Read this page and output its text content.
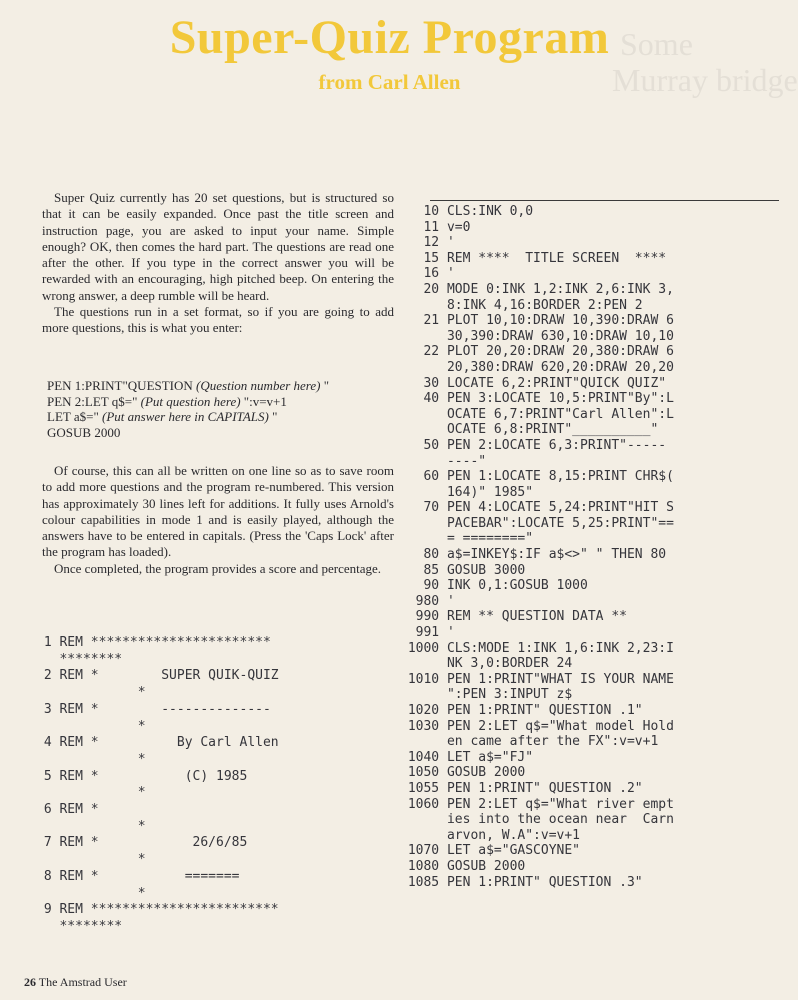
Some
Murray bridge
Super-Quiz Program
from Carl Allen

Super Quiz currently has 20 set questions, but is structured so that it can be easily expanded. Once past the title screen and instruction page, you are asked to input your name. Simple enough? OK, then comes the hard part. The questions are read one after the other. If you type in the correct answer you will be rewarded with an encouraging, high pitched beep. On entering the wrong answer, a deep rumble will be heard.

The questions run in a set format, so if you are going to add more questions, this is what you enter:

PEN 1:PRINT"QUESTION (Question number here) "
PEN 2:LET q$=" (Put question here) ":v=v+1
LET a$=" (Put answer here in CAPITALS) "
GOSUB 2000

Of course, this can all be written on one line so as to save room to add more questions and the program re-numbered. This version has approximately 30 lines left for additions. It fully uses Arnold's colour capabilities in mode 1 and is easily played, although the answers have to be entered in capitals. (Press the 'Caps Lock' after the program has loaded).

Once completed, the program provides a score and percentage.

1 REM ***********************
********
2 REM *        SUPER QUIK-QUIZ
*
3 REM *        --------------
*
4 REM *          By Carl Allen
*
5 REM *           (C) 1985
*
6 REM *
*
7 REM *            26/6/85
*
8 REM *           =======
*
9 REM ************************
********
10 CLS:INK 0,0
11 v=0
12 '
15 REM ****  TITLE SCREEN  ****
16 '
20 MODE 0:INK 1,2:INK 2,6:INK 3,
8:INK 4,16:BORDER 2:PEN 2
21 PLOT 10,10:DRAW 10,390:DRAW 6
30,390:DRAW 630,10:DRAW 10,10
22 PLOT 20,20:DRAW 20,380:DRAW 6
20,380:DRAW 620,20:DRAW 20,20
30 LOCATE 6,2:PRINT"QUICK QUIZ"
40 PEN 3:LOCATE 10,5:PRINT"By":L
OCATE 6,7:PRINT"Carl Allen":L
OCATE 6,8:PRINT"__________"
50 PEN 2:LOCATE 6,3:PRINT"-----
----"
60 PEN 1:LOCATE 8,15:PRINT CHR$(
164)" 1985"
70 PEN 4:LOCATE 5,24:PRINT"HIT S
PACEBAR":LOCATE 5,25:PRINT"==
= ========"
80 a$=INKEY$:IF a$<>" " THEN 80
85 GOSUB 3000
90 INK 0,1:GOSUB 1000
980 '
990 REM ** QUESTION DATA **
991 '
1000 CLS:MODE 1:INK 1,6:INK 2,23:I
NK 3,0:BORDER 24
1010 PEN 1:PRINT"WHAT IS YOUR NAME
":PEN 3:INPUT z$
1020 PEN 1:PRINT" QUESTION .1"
1030 PEN 2:LET q$="What model Hold
en came after the FX":v=v+1
1040 LET a$="FJ"
1050 GOSUB 2000
1055 PEN 1:PRINT" QUESTION .2"
1060 PEN 2:LET q$="What river empt
ies into the ocean near  Carn
arvon, W.A":v=v+1
1070 LET a$="GASCOYNE"
1080 GOSUB 2000
1085 PEN 1:PRINT" QUESTION .3"
26 The Amstrad User
